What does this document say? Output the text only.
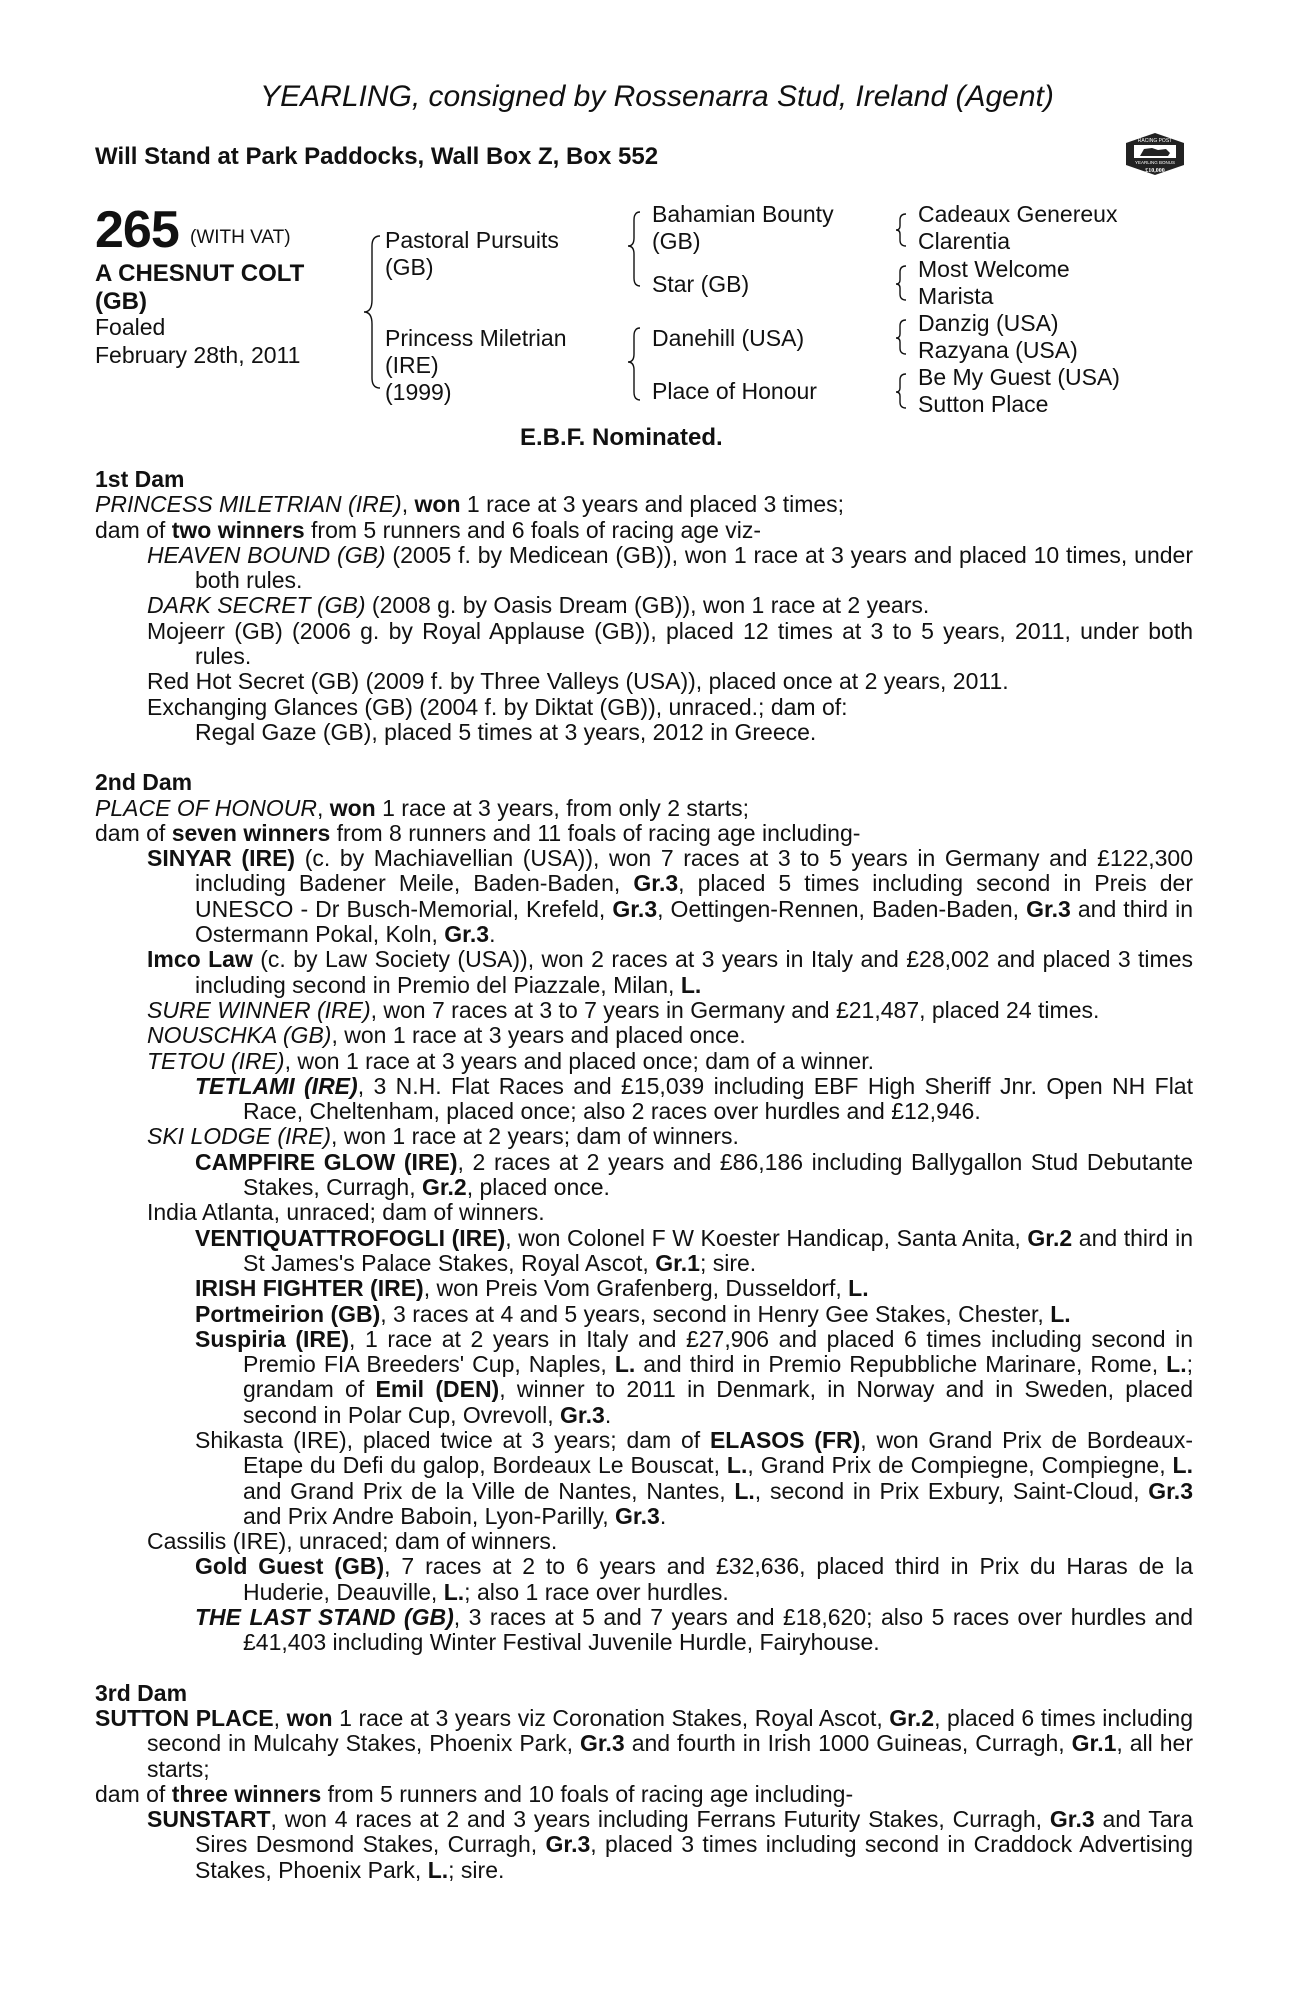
YEARLING, consigned by Rossenarra Stud, Ireland (Agent)
Will Stand at Park Paddocks, Wall Box Z, Box 552
RACING POST
YEARLING BONUS
£10,000
265 (WITH VAT)
A CHESNUT COLT
(GB)
Foaled
February 28th, 2011
Pastoral Pursuits
(GB)
Princess Miletrian
(IRE)
(1999)
Bahamian Bounty
(GB)
Star (GB)
Danehill (USA)
Place of Honour
Cadeaux Genereux
Clarentia
Most Welcome
Marista
Danzig (USA)
Razyana (USA)
Be My Guest (USA)
Sutton Place
E.B.F. Nominated.

1st Dam

PRINCESS MILETRIAN (IRE), won 1 race at 3 years and placed 3 times;

dam of two winners from 5 runners and 6 foals of racing age viz-

HEAVEN BOUND (GB) (2005 f. by Medicean (GB)), won 1 race at 3 years and placed 10 times, under both rules.

DARK SECRET (GB) (2008 g. by Oasis Dream (GB)), won 1 race at 2 years.

Mojeerr (GB) (2006 g. by Royal Applause (GB)), placed 12 times at 3 to 5 years, 2011, under both rules.

Red Hot Secret (GB) (2009 f. by Three Valleys (USA)), placed once at 2 years, 2011.

Exchanging Glances (GB) (2004 f. by Diktat (GB)), unraced.; dam of:

Regal Gaze (GB), placed 5 times at 3 years, 2012 in Greece.

2nd Dam

PLACE OF HONOUR, won 1 race at 3 years, from only 2 starts;

dam of seven winners from 8 runners and 11 foals of racing age including-

SINYAR (IRE) (c. by Machiavellian (USA)), won 7 races at 3 to 5 years in Germany and £122,300 including Badener Meile, Baden-Baden, Gr.3, placed 5 times including second in Preis der UNESCO - Dr Busch-Memorial, Krefeld, Gr.3, Oettingen-Rennen, Baden-Baden, Gr.3 and third in Ostermann Pokal, Koln, Gr.3.

Imco Law (c. by Law Society (USA)), won 2 races at 3 years in Italy and £28,002 and placed 3 times including second in Premio del Piazzale, Milan, L.

SURE WINNER (IRE), won 7 races at 3 to 7 years in Germany and £21,487, placed 24 times.

NOUSCHKA (GB), won 1 race at 3 years and placed once.

TETOU (IRE), won 1 race at 3 years and placed once; dam of a winner.

TETLAMI (IRE), 3 N.H. Flat Races and £15,039 including EBF High Sheriff Jnr. Open NH Flat Race, Cheltenham, placed once; also 2 races over hurdles and £12,946.

SKI LODGE (IRE), won 1 race at 2 years; dam of winners.

CAMPFIRE GLOW (IRE), 2 races at 2 years and £86,186 including Ballygallon Stud Debutante Stakes, Curragh, Gr.2, placed once.

India Atlanta, unraced; dam of winners.

VENTIQUATTROFOGLI (IRE), won Colonel F W Koester Handicap, Santa Anita, Gr.2 and third in St James's Palace Stakes, Royal Ascot, Gr.1; sire.

IRISH FIGHTER (IRE), won Preis Vom Grafenberg, Dusseldorf, L.

Portmeirion (GB), 3 races at 4 and 5 years, second in Henry Gee Stakes, Chester, L.

Suspiria (IRE), 1 race at 2 years in Italy and £27,906 and placed 6 times including second in Premio FIA Breeders' Cup, Naples, L. and third in Premio Repubbliche Marinare, Rome, L.; grandam of Emil (DEN), winner to 2011 in Denmark, in Norway and in Sweden, placed second in Polar Cup, Ovrevoll, Gr.3.

Shikasta (IRE), placed twice at 3 years; dam of ELASOS (FR), won Grand Prix de Bordeaux-Etape du Defi du galop, Bordeaux Le Bouscat, L., Grand Prix de Compiegne, Compiegne, L. and Grand Prix de la Ville de Nantes, Nantes, L., second in Prix Exbury, Saint-Cloud, Gr.3 and Prix Andre Baboin, Lyon-Parilly, Gr.3.

Cassilis (IRE), unraced; dam of winners.

Gold Guest (GB), 7 races at 2 to 6 years and £32,636, placed third in Prix du Haras de la Huderie, Deauville, L.; also 1 race over hurdles.

THE LAST STAND (GB), 3 races at 5 and 7 years and £18,620; also 5 races over hurdles and £41,403 including Winter Festival Juvenile Hurdle, Fairyhouse.

3rd Dam

SUTTON PLACE, won 1 race at 3 years viz Coronation Stakes, Royal Ascot, Gr.2, placed 6 times including second in Mulcahy Stakes, Phoenix Park, Gr.3 and fourth in Irish 1000 Guineas, Curragh, Gr.1, all her starts;

dam of three winners from 5 runners and 10 foals of racing age including-

SUNSTART, won 4 races at 2 and 3 years including Ferrans Futurity Stakes, Curragh, Gr.3 and Tara Sires Desmond Stakes, Curragh, Gr.3, placed 3 times including second in Craddock Advertising Stakes, Phoenix Park, L.; sire.
